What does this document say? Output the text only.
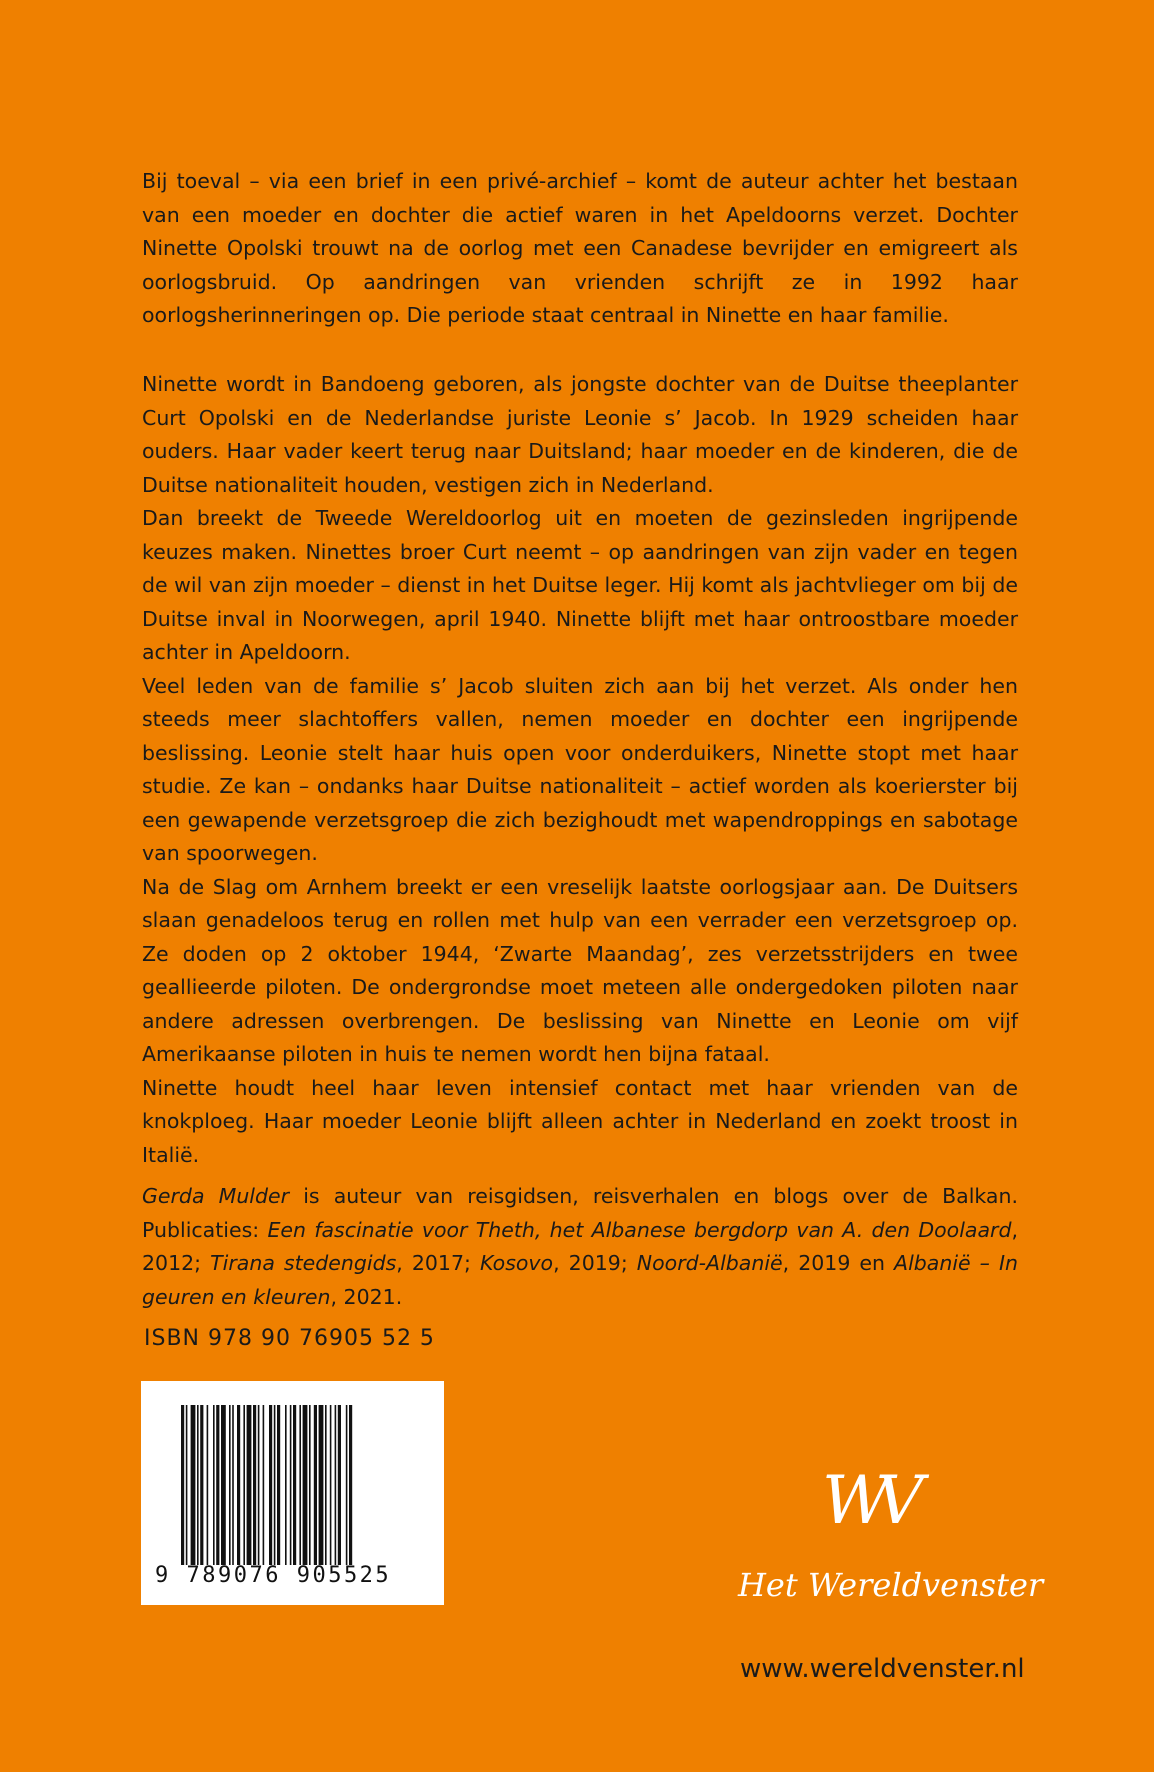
Bij toeval – via een brief in een privé-archief – komt de auteur achter het bestaan van een moeder en dochter die actief waren in het Apeldoorns verzet. Dochter Ninette Opolski trouwt na de oorlog met een Canadese bevrijder en emigreert als oorlogsbruid. Op aandringen van vrienden schrijft ze in 1992 haar oorlogsherinneringen op. Die periode staat centraal in Ninette en haar familie.

Ninette wordt in Bandoeng geboren, als jongste dochter van de Duitse theeplanter Curt Opolski en de Nederlandse juriste Leonie s’ Jacob. In 1929 scheiden haar ouders. Haar vader keert terug naar Duitsland; haar moeder en de kinderen, die de Duitse nationaliteit houden, vestigen zich in Nederland.

Dan breekt de Tweede Wereldoorlog uit en moeten de gezinsleden ingrijpende keuzes maken. Ninettes broer Curt neemt – op aandringen van zijn vader en tegen de wil van zijn moeder – dienst in het Duitse leger. Hij komt als jachtvlieger om bij de Duitse inval in Noorwegen, april 1940. Ninette blijft met haar ontroostbare moeder achter in Apeldoorn.

Veel leden van de familie s’ Jacob sluiten zich aan bij het verzet. Als onder hen steeds meer slachtoffers vallen, nemen moeder en dochter een ingrijpende beslissing. Leonie stelt haar huis open voor onderduikers, Ninette stopt met haar studie. Ze kan – ondanks haar Duitse nationaliteit – actief worden als koerierster bij een gewapende verzetsgroep die zich bezighoudt met wapendroppings en sabotage van spoorwegen.

Na de Slag om Arnhem breekt er een vreselijk laatste oorlogsjaar aan. De Duitsers slaan genadeloos terug en rollen met hulp van een verrader een verzetsgroep op. Ze doden op 2 oktober 1944, ‘Zwarte Maandag’, zes verzetsstrijders en twee geallieerde piloten. De ondergrondse moet meteen alle ondergedoken piloten naar andere adressen overbrengen. De beslissing van Ninette en Leonie om vijf Amerikaanse piloten in huis te nemen wordt hen bijna fataal.

Ninette houdt heel haar leven intensief contact met haar vrienden van de knokploeg. Haar moeder Leonie blijft alleen achter in Nederland en zoekt troost in Italië.

Gerda Mulder is auteur van reisgidsen, reisverhalen en blogs over de Balkan. Publicaties: Een fascinatie voor Theth, het Albanese bergdorp van A. den Doolaard, 2012; Tirana stedengids, 2017; Kosovo, 2019; Noord-Albanië, 2019 en Albanië – In geuren en kleuren, 2021.

ISBN 978 90 76905 52 5
9 789076 905525
WV
Het Wereldvenster
www.wereldvenster.nl
